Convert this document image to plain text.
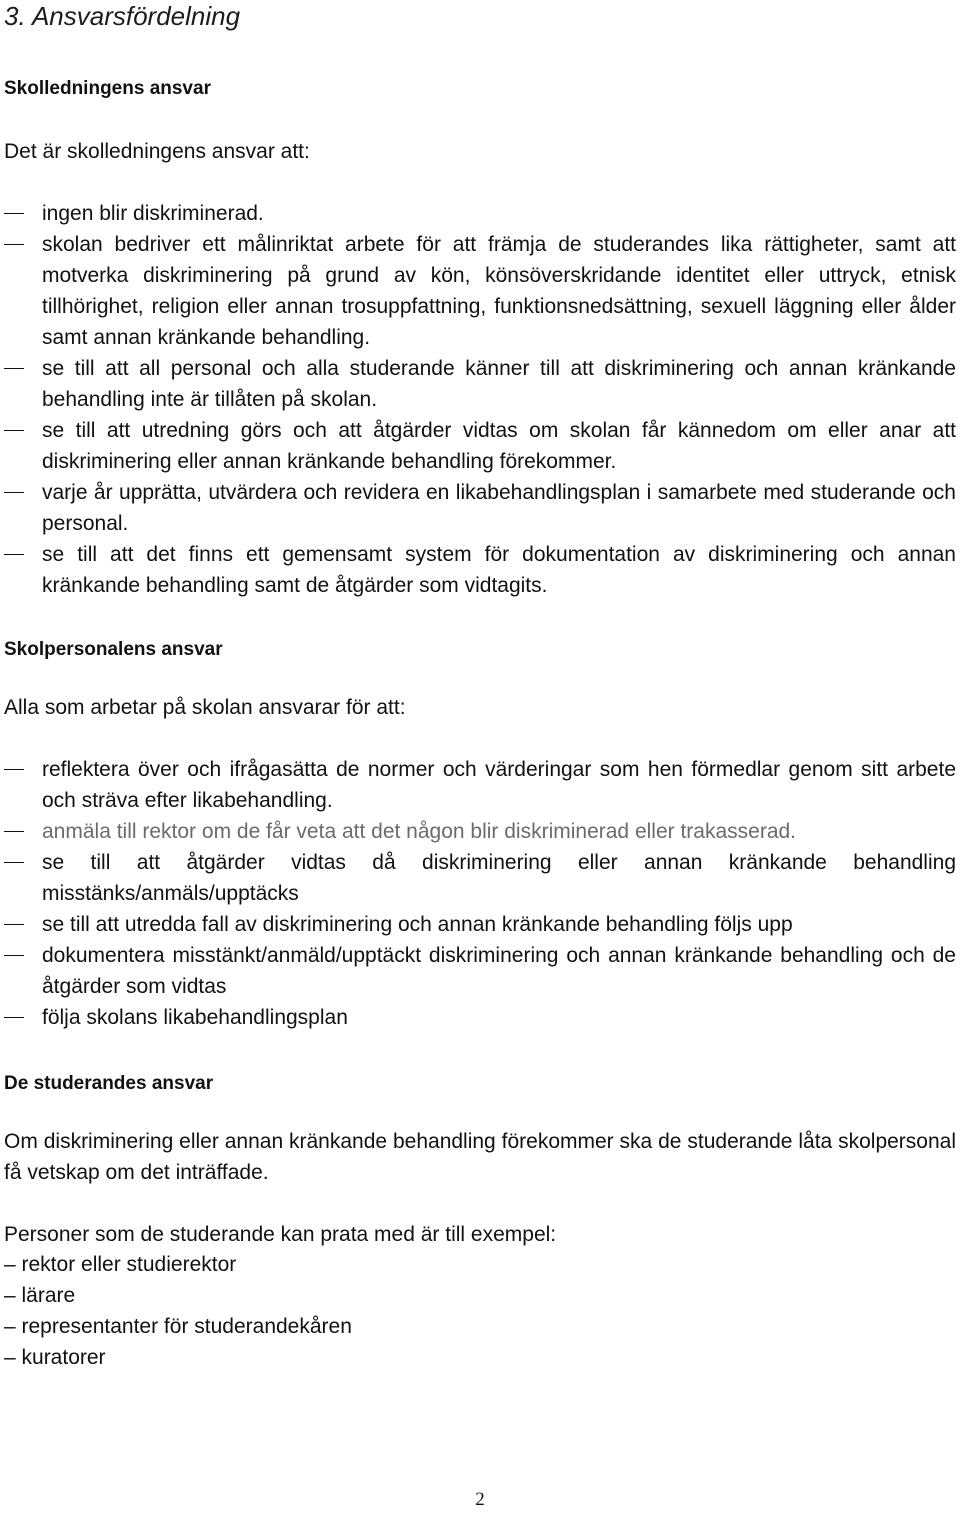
3. Ansvarsfördelning
Skolledningens ansvar
Det är skolledningens ansvar att:
ingen blir diskriminerad.
skolan bedriver ett målinriktat arbete för att främja de studerandes lika rättigheter, samt att motverka diskriminering på grund av kön, könsöverskridande identitet eller uttryck, etnisk tillhörighet, religion eller annan trosuppfattning, funktionsnedsättning, sexuell läggning eller ålder samt annan kränkande behandling.
se till att all personal och alla studerande känner till att diskriminering och annan kränkande behandling inte är tillåten på skolan.
se till att utredning görs och att åtgärder vidtas om skolan får kännedom om eller anar att diskriminering eller annan kränkande behandling förekommer.
varje år upprätta, utvärdera och revidera en likabehandlingsplan i samarbete med studerande och personal.
se till att det finns ett gemensamt system för dokumentation av diskriminering och annan kränkande behandling samt de åtgärder som vidtagits.
Skolpersonalens ansvar
Alla som arbetar på skolan ansvarar för att:
reflektera över och ifrågasätta de normer och värderingar som hen förmedlar genom sitt arbete och sträva efter likabehandling.
anmäla till rektor om de får veta att det någon blir diskriminerad eller trakasserad.
se till att åtgärder vidtas då diskriminering eller annan kränkande behandling misstänks/anmäls/upptäcks
se till att utredda fall av diskriminering och annan kränkande behandling följs upp
dokumentera misstänkt/anmäld/upptäckt diskriminering och annan kränkande behandling och de åtgärder som vidtas
följa skolans likabehandlingsplan
De studerandes ansvar
Om diskriminering eller annan kränkande behandling förekommer ska de studerande låta skolpersonal få vetskap om det inträffade.
Personer som de studerande kan prata med är till exempel:
– rektor eller studierektor
– lärare
– representanter för studerandekåren
– kuratorer
2
